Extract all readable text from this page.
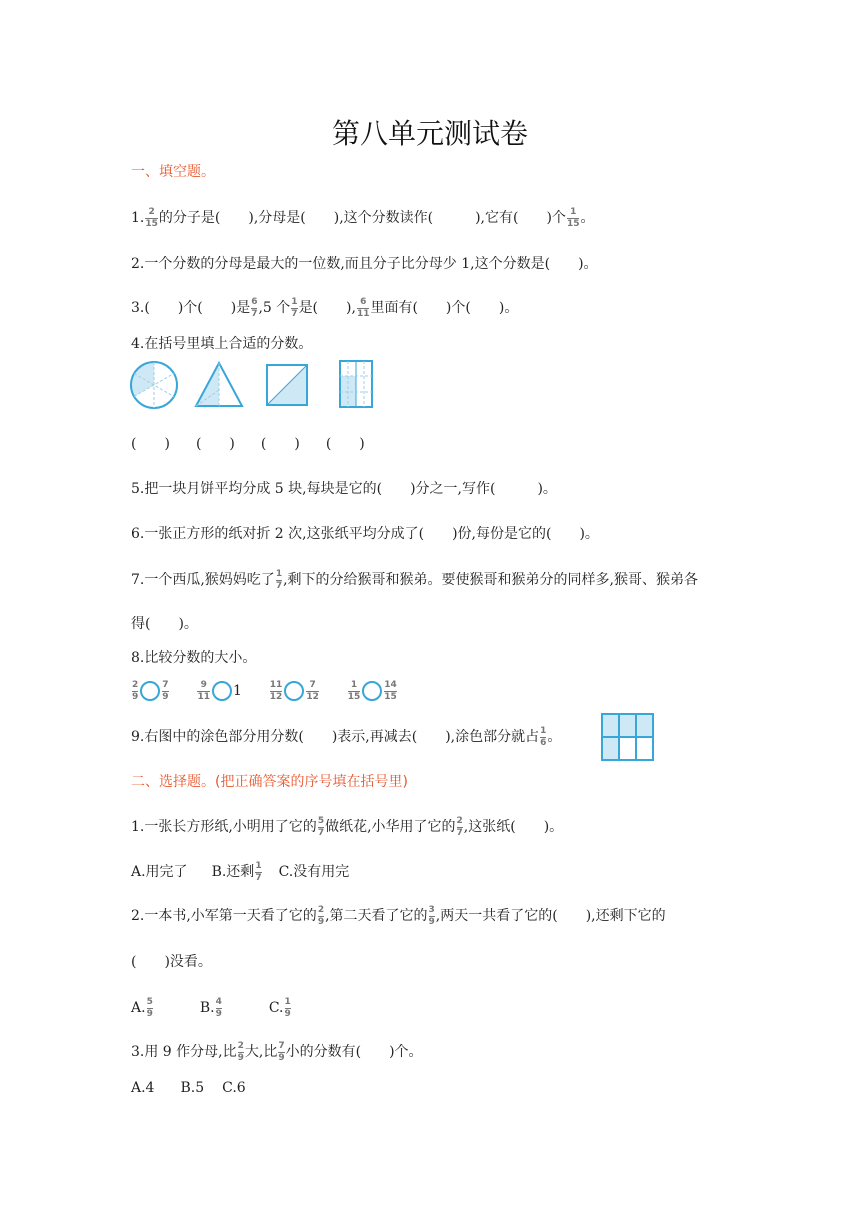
第八单元测试卷
一、填空题。
1. $\frac{2}{15}$ 的分子是(　　),分母是(　　),这个分数读作(　　　),它有(　　)个 $\frac{1}{15}$ 。
2.一个分数的分母是最大的一位数,而且分子比分母少 1,这个分数是(　　)。
3.(　　)个(　　)是 $\frac{6}{7} ,5$ 个 $\frac{1}{7}$ 是(　　), $\frac{6}{11}$ 里面有(　　)个(　　)。
4.在括号里填上合适的分数。
(　　) (　　) (　　) (　　)
5.把一块月饼平均分成 5 块,每块是它的(　　)分之一,写作(　　　)。
6.一张正方形的纸对折 2 次,这张纸平均分成了(　　)份,每份是它的(　　)。
7.一个西瓜,猴妈妈吃了 $\frac{1}{7}$ ,剩下的分给猴哥和猴弟。要使猴哥和猴弟分的同样多,猴哥、猴弟各
得(　　)。
8.比较分数的大小。
$\frac{2}{9}$	$\frac{7}{9}$
	$\frac{9}{11} 1$	$\frac{11}{12}$	$\frac{7}{12}$
	$\frac{1}{15}$	$\frac{14}{15}$
9.右图中的涂色部分用分数(　　)表示,再减去(　　),涂色部分就占 $\frac{1}{6}$ 。
二、选择题。(把正确答案的序号填在括号里)
1.一张长方形纸,小明用了它的 $\frac{5}{7}$ 做纸花,小华用了它的 $\frac{2}{7}$ ,这张纸(　　)。
A.用完了 B.还剩 $\frac{1}{7} C$.没有用完
2.一本书,小军第一天看了它的 $\frac{2}{9}$ ,第二天看了它的 $\frac{3}{9}$ ,两天一共看了它的(　　),还剩下它的
(　　)没看。
A. $\frac{5}{9}$	B. $\frac{4}{9}$	C. $\frac{1}{9}$
3.用 9 作分母,比 $\frac{2}{9}$ 大,比 $\frac{7}{9}$ 小的分数有(　　)个。
A.4 B.5 C.6
